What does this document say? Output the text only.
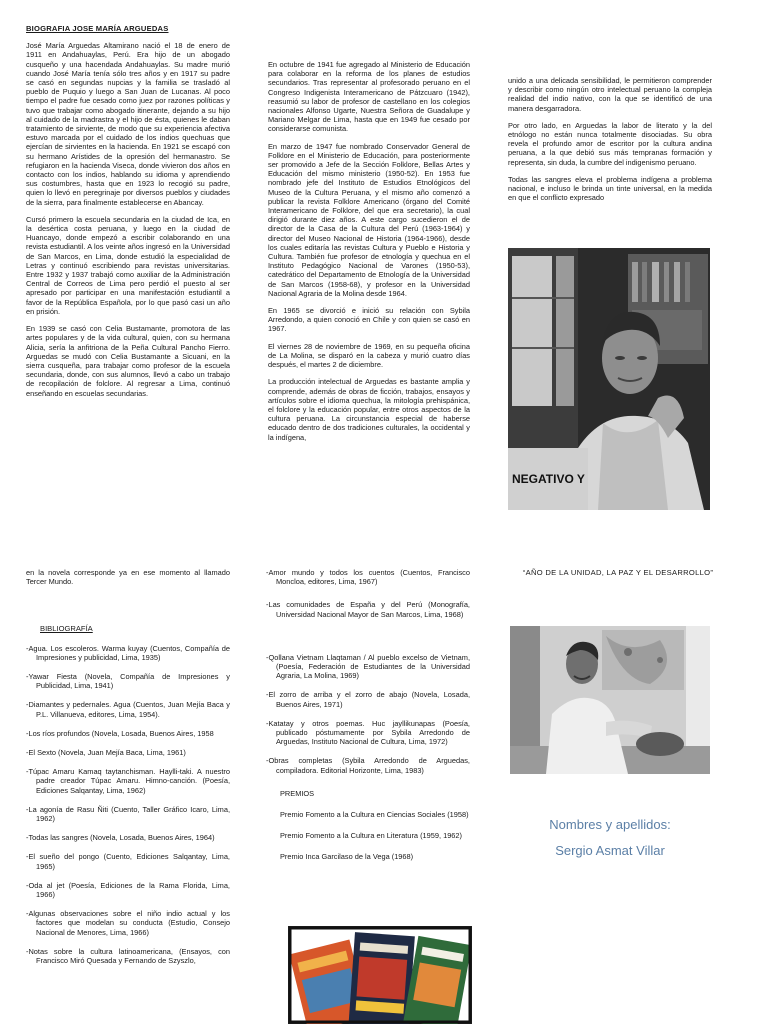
BIOGRAFIA JOSE MARÍA ARGUEDAS

José María Arguedas Altamirano nació el 18 de enero de 1911 en Andahuaylas, Perú. Era hijo de un abogado cusqueño y una hacendada Andahuaylas. Su madre murió cuando José María tenía sólo tres años y en 1917 su padre se casó en segundas nupcias y la familia se trasladó al pueblo de Puquio y luego a San Juan de Lucanas. Al poco tiempo el padre fue cesado como juez por razones políticas y tuvo que trabajar como abogado itinerante, dejando a su hijo al cuidado de la madrastra y el hijo de ésta, quienes le daban tratamiento de sirviente, de modo que su experiencia afectiva estuvo marcada por el cuidado de los indios quechuas que ejercían de sirvientes en la hacienda. En 1921 se escapó con su hermano Arístides de la opresión del hermanastro. Se refugiaron en la hacienda Viseca, donde vivieron dos años en contacto con los indios, hablando su idioma y aprendiendo sus costumbres, hasta que en 1923 lo recogió su padre, quien lo llevó en peregrinaje por diversos pueblos y ciudades de la sierra, para finalmente establecerse en Abancay.

Cursó primero la escuela secundaria en la ciudad de Ica, en la desértica costa peruana, y luego en la ciudad de Huancayo, donde empezó a escribir colaborando en una revista estudiantil. A los veinte años ingresó en la Universidad de San Marcos, en Lima, donde estudió la especialidad de Letras y continuó escribiendo para revistas universitarias. Entre 1932 y 1937 trabajó como auxiliar de la Administración Central de Correos de Lima pero perdió el puesto al ser apresado por participar en una manifestación estudiantil a favor de la República Española, por lo que pasó casi un año en prisión.

En 1939 se casó con Celia Bustamante, promotora de las artes populares y de la vida cultural, quien, con su hermana Alicia, sería la anfitriona de la Peña Cultural Pancho Fierro. Arguedas se mudó con Celia Bustamante a Sicuani, en la sierra cusqueña, para trabajar como profesor de la escuela secundaria, donde, con sus alumnos, llevó a cabo un trabajo de recopilación de folclore. Al regresar a Lima, continuó enseñando en escuelas secundarias.

En octubre de 1941 fue agregado al Ministerio de Educación para colaborar en la reforma de los planes de estudios secundarios. Tras representar al profesorado peruano en el Congreso Indigenista Interamericano de Pátzcuaro (1942), reasumió su labor de profesor de castellano en los colegios nacionales Alfonso Ugarte, Nuestra Señora de Guadalupe y Mariano Melgar de Lima, hasta que en 1949 fue cesado por considerarse comunista.

En marzo de 1947 fue nombrado Conservador General de Folklore en el Ministerio de Educación, para posteriormente ser promovido a Jefe de la Sección Folklore, Bellas Artes y Educación del mismo ministerio (1950-52). En 1953 fue nombrado jefe del Instituto de Estudios Etnológicos del Museo de la Cultura Peruana, y el mismo año comenzó a publicar la revista Folklore Americano (órgano del Comité Interamericano de Folklore, del que era secretario), la cual dirigió durante diez años. A este cargo sucedieron el de director de la Casa de la Cultura del Perú (1963-1964) y director del Museo Nacional de Historia (1964-1966), desde los cuales editaría las revistas Cultura y Pueblo e Historia y Cultura. También fue profesor de etnología y quechua en el Instituto Pedagógico Nacional de Varones (1950-53), catedrático del Departamento de Etnología de la Universidad de San Marcos (1958-68), y profesor en la Universidad Nacional Agraria de la Molina desde 1964.

En 1965 se divorció e inició su relación con Sybila Arredondo, a quien conoció en Chile y con quien se casó en 1967.

El viernes 28 de noviembre de 1969, en su pequeña oficina de La Molina, se disparó en la cabeza y murió cuatro días después, el martes 2 de diciembre.

La producción intelectual de Arguedas es bastante amplia y comprende, además de obras de ficción, trabajos, ensayos y artículos sobre el idioma quechua, la mitología prehispánica, el folclore y la educación popular, entre otros aspectos de la cultura peruana. La circunstancia especial de haberse educado dentro de dos tradiciones culturales, la occidental y la indígena,

unido a una delicada sensibilidad, le permitieron comprender y describir como ningún otro intelectual peruano la compleja realidad del indio nativo, con la que se identificó de una manera desgarradora.

Por otro lado, en Arguedas la labor de literato y la del etnólogo no están nunca totalmente disociadas. Su obra revela el profundo amor de escritor por la cultura andina peruana, a la que debió sus más tempranas formación y representa, sin duda, la cumbre del indigenismo peruano.

Todas las sangres eleva el problema indígena a problema nacional, e incluso le brinda un tinte universal, en la medida en que el conflicto expresado

NEGATIVO Y

en la novela corresponde ya en ese momento al llamado Tercer Mundo.

BIBLIOGRAFÍA
-Agua. Los escoleros. Warma kuyay (Cuentos, Compañía de Impresiones y publicidad, Lima, 1935)
-Yawar Fiesta (Novela, Compañía de Impresiones y Publicidad, Lima, 1941)
-Diamantes y pedernales. Agua (Cuentos, Juan Mejía Baca y P.L. Villanueva, editores, Lima, 1954).
-Los ríos profundos (Novela, Losada, Buenos Aires, 1958
-El Sexto (Novela, Juan Mejía Baca, Lima, 1961)
-Túpac Amaru Kamaq taytanchisman. Haylli-taki. A nuestro padre creador Túpac Amaru. Himno-canción. (Poesía, Ediciones Salqantay, Lima, 1962)
-La agonía de Rasu Ñiti (Cuento, Taller Gráfico Icaro, Lima, 1962)
-Todas las sangres (Novela, Losada, Buenos Aires, 1964)
-El sueño del pongo (Cuento, Ediciones Salqantay, Lima, 1965)
-Oda al jet (Poesía, Ediciones de la Rama Florida, Lima, 1966)
-Algunas observaciones sobre el niño indio actual y los factores que modelan su conducta (Estudio, Consejo Nacional de Menores, Lima, 1966)
-Notas sobre la cultura latinoamericana, (Ensayos, con Francisco Miró Quesada y Fernando de Szyszlo,
-Amor mundo y todos los cuentos (Cuentos, Francisco Moncloa, editores, Lima, 1967)
-Las comunidades de España y del Perú (Monografía, Universidad Nacional Mayor de San Marcos, Lima, 1968)
-Qollana Vietnam Llaqtaman / Al pueblo excelso de Vietnam, (Poesía, Federación de Estudiantes de la Universidad Agraria, La Molina, 1969)
-El zorro de arriba y el zorro de abajo (Novela, Losada, Buenos Aires, 1971)
-Katatay y otros poemas. Huc jayllikunapas (Poesía, publicado póstumamente por Sybila Arredondo de Arguedas, Instituto Nacional de Cultura, Lima, 1972)
-Obras completas (Sybila Arredondo de Arguedas, compiladora. Editorial Horizonte, Lima, 1983)
PREMIOS
Premio Fomento a la Cultura en Ciencias Sociales (1958)
Premio Fomento a la Cultura en Literatura (1959, 1962)
Premio Inca Garcilaso de la Vega (1968)
“AÑO DE LA UNIDAD, LA PAZ Y EL DESARROLLO”
Nombres y apellidos:
Sergio Asmat Villar
